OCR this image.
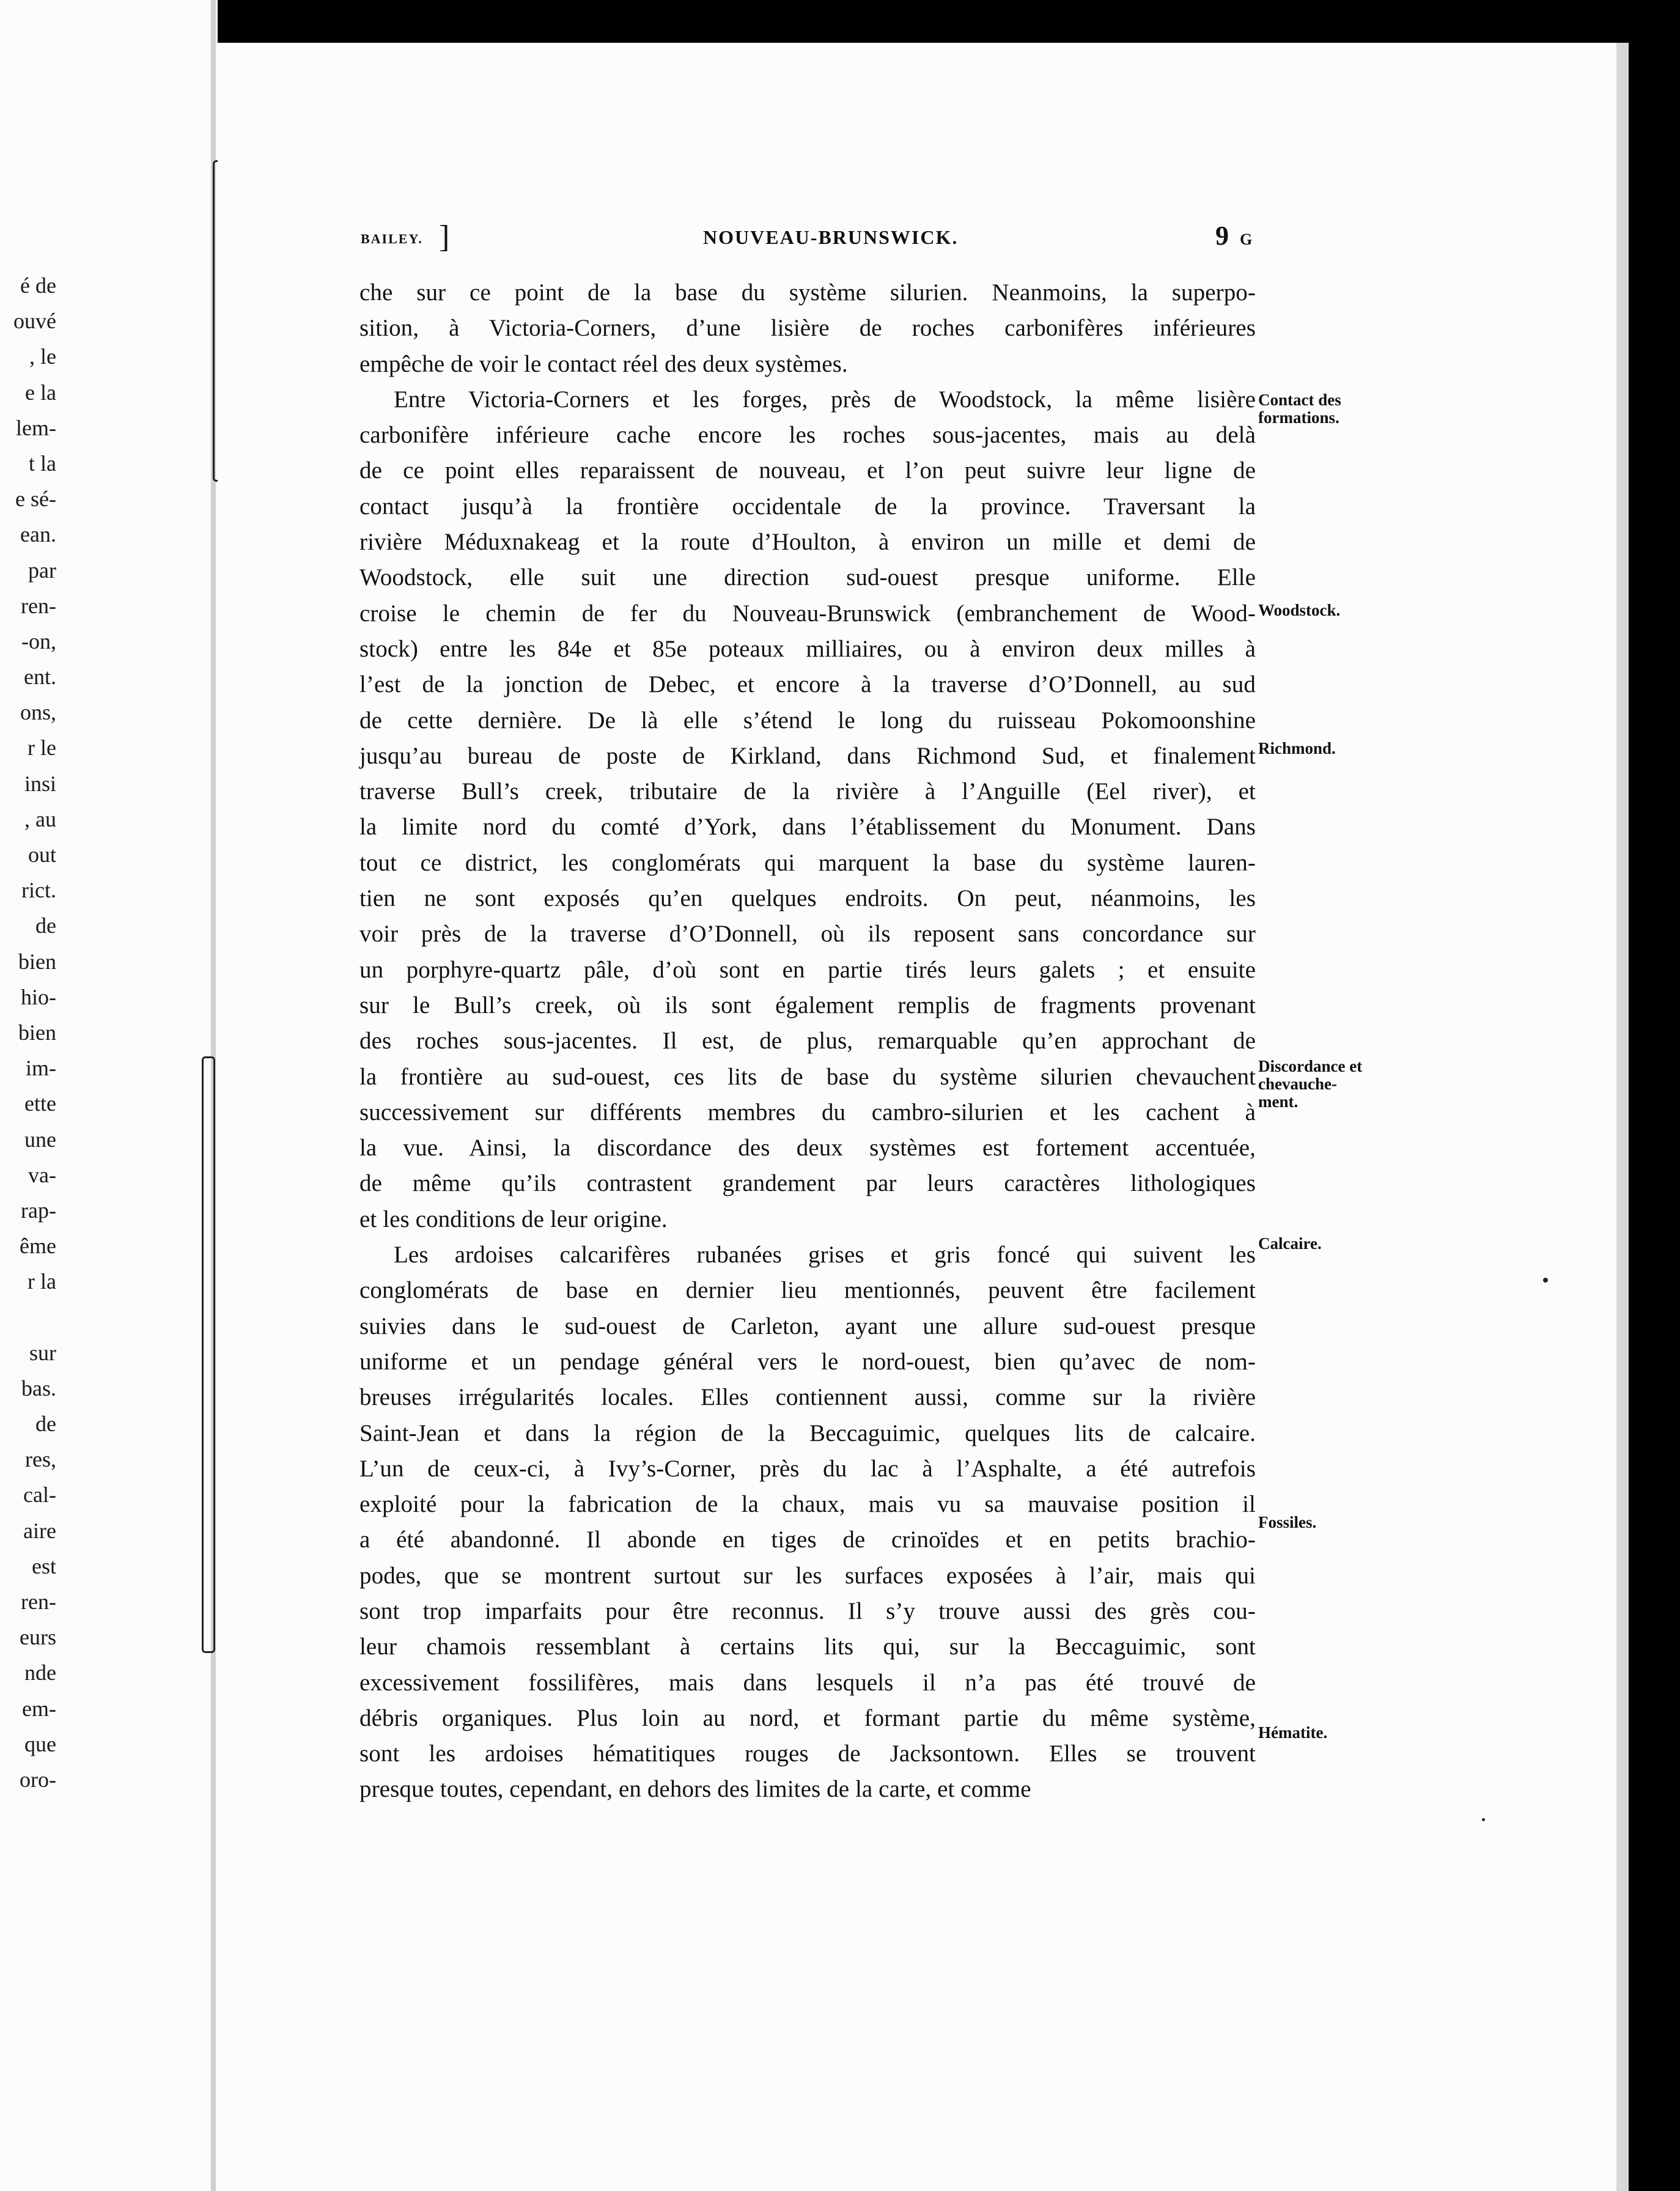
é de
ouvé
, le
e la
lem-
t la
e sé-
ean.
par
ren-
-on,
ent.
ons,
r le
insi
, au
out
rict.
de
bien
hio-
bien
im-
ette
une
va-
rap-
ême
r la
sur
bas.
de
res,
cal-
aire
est
ren-
eurs
nde
em-
que
oro-
BAILEY. ]	NOUVEAU-BRUNSWICK.	9 G
che sur ce point de la base du système silurien. Neanmoins, la superpo-
sition, à Victoria-Corners, d’une lisière de roches carbonifères inférieures
empêche de voir le contact réel des deux systèmes.
Entre Victoria-Corners et les forges, près de Woodstock, la même lisière
carbonifère inférieure cache encore les roches sous-jacentes, mais au delà
de ce point elles reparaissent de nouveau, et l’on peut suivre leur ligne de
contact jusqu’à la frontière occidentale de la province. Traversant la
rivière Méduxnakeag et la route d’Houlton, à environ un mille et demi de
Woodstock, elle suit une direction sud-ouest presque uniforme. Elle
croise le chemin de fer du Nouveau-Brunswick (embranchement de Wood-
stock) entre les 84e et 85e poteaux milliaires, ou à environ deux milles à
l’est de la jonction de Debec, et encore à la traverse d’O’Donnell, au sud
de cette dernière. De là elle s’étend le long du ruisseau Pokomoonshine
jusqu’au bureau de poste de Kirkland, dans Richmond Sud, et finalement
traverse Bull’s creek, tributaire de la rivière à l’Anguille (Eel river), et
la limite nord du comté d’York, dans l’établissement du Monument. Dans
tout ce district, les conglomérats qui marquent la base du système lauren-
tien ne sont exposés qu’en quelques endroits. On peut, néanmoins, les
voir près de la traverse d’O’Donnell, où ils reposent sans concordance sur
un porphyre-quartz pâle, d’où sont en partie tirés leurs galets ; et ensuite
sur le Bull’s creek, où ils sont également remplis de fragments provenant
des roches sous-jacentes. Il est, de plus, remarquable qu’en approchant de
la frontière au sud-ouest, ces lits de base du système silurien chevauchent
successivement sur différents membres du cambro-silurien et les cachent à
la vue. Ainsi, la discordance des deux systèmes est fortement accentuée,
de même qu’ils contrastent grandement par leurs caractères lithologiques
et les conditions de leur origine.
Les ardoises calcarifères rubanées grises et gris foncé qui suivent les
conglomérats de base en dernier lieu mentionnés, peuvent être facilement
suivies dans le sud-ouest de Carleton, ayant une allure sud-ouest presque
uniforme et un pendage général vers le nord-ouest, bien qu’avec de nom-
breuses irrégularités locales. Elles contiennent aussi, comme sur la rivière
Saint-Jean et dans la région de la Beccaguimic, quelques lits de calcaire.
L’un de ceux-ci, à Ivy’s-Corner, près du lac à l’Asphalte, a été autrefois
exploité pour la fabrication de la chaux, mais vu sa mauvaise position il
a été abandonné. Il abonde en tiges de crinoïdes et en petits brachio-
podes, que se montrent surtout sur les surfaces exposées à l’air, mais qui
sont trop imparfaits pour être reconnus. Il s’y trouve aussi des grès cou-
leur chamois ressemblant à certains lits qui, sur la Beccaguimic, sont
excessivement fossilifères, mais dans lesquels il n’a pas été trouvé de
débris organiques. Plus loin au nord, et formant partie du même système,
sont les ardoises hématitiques rouges de Jacksontown. Elles se trouvent
presque toutes, cependant, en dehors des limites de la carte, et comme
Contact des
formations.
Woodstock.
Richmond.
Discordance et
chevauche-
ment.
Calcaire.
Fossiles.
Hématite.
